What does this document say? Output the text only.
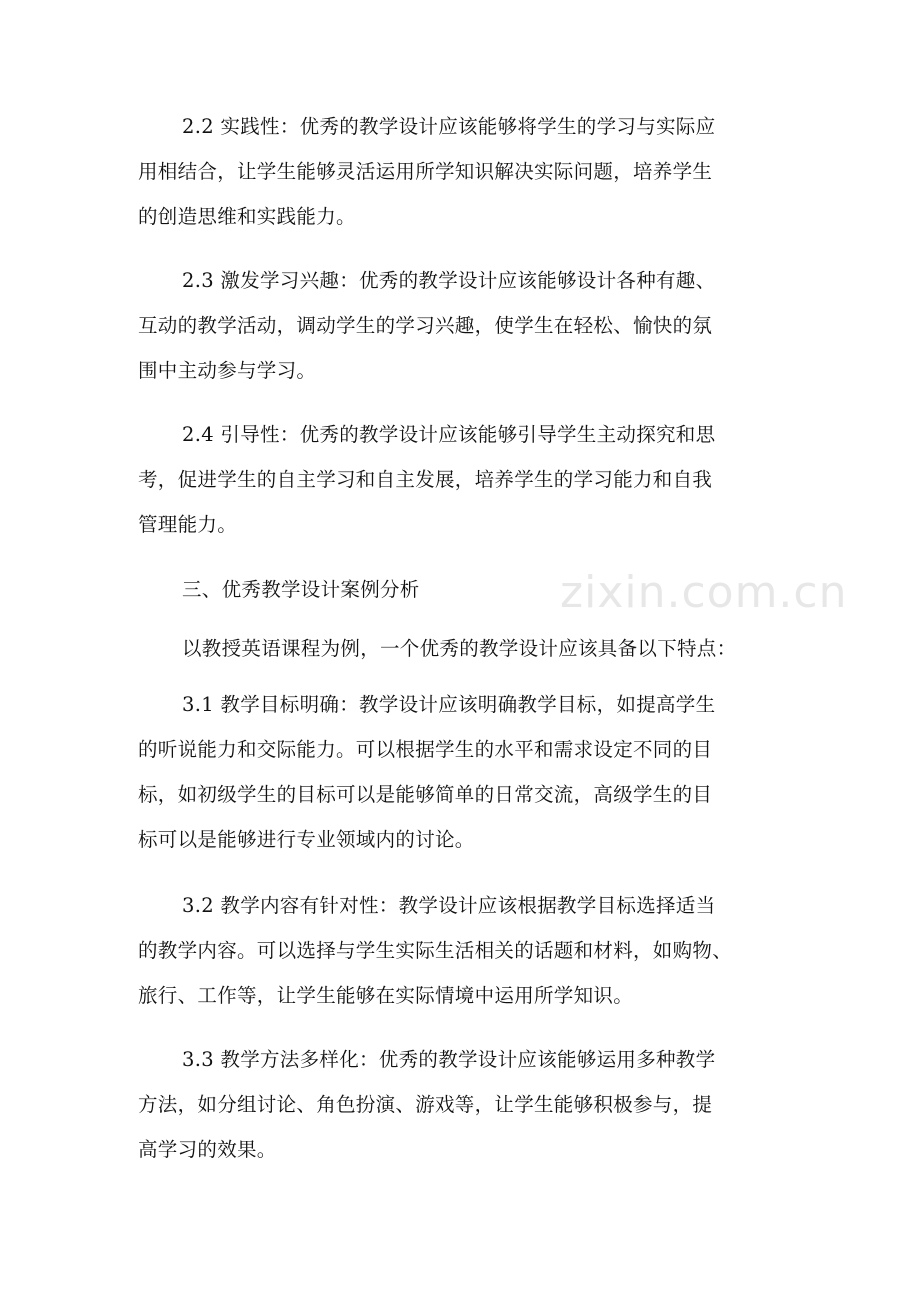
2.2 实践性：优秀的教学设计应该能够将学生的学习与实际应
用相结合，让学生能够灵活运用所学知识解决实际问题，培养学生
的创造思维和实践能力。
2.3 激发学习兴趣：优秀的教学设计应该能够设计各种有趣、
互动的教学活动，调动学生的学习兴趣，使学生在轻松、愉快的氛
围中主动参与学习。
2.4 引导性：优秀的教学设计应该能够引导学生主动探究和思
考，促进学生的自主学习和自主发展，培养学生的学习能力和自我
管理能力。
三、优秀教学设计案例分析
以教授英语课程为例，一个优秀的教学设计应该具备以下特点：
3.1 教学目标明确：教学设计应该明确教学目标，如提高学生
的听说能力和交际能力。可以根据学生的水平和需求设定不同的目
标，如初级学生的目标可以是能够简单的日常交流，高级学生的目
标可以是能够进行专业领域内的讨论。
3.2 教学内容有针对性：教学设计应该根据教学目标选择适当
的教学内容。可以选择与学生实际生活相关的话题和材料，如购物、
旅行、工作等，让学生能够在实际情境中运用所学知识。
3.3 教学方法多样化：优秀的教学设计应该能够运用多种教学
方法，如分组讨论、角色扮演、游戏等，让学生能够积极参与，提
高学习的效果。
zixin.com.cn
